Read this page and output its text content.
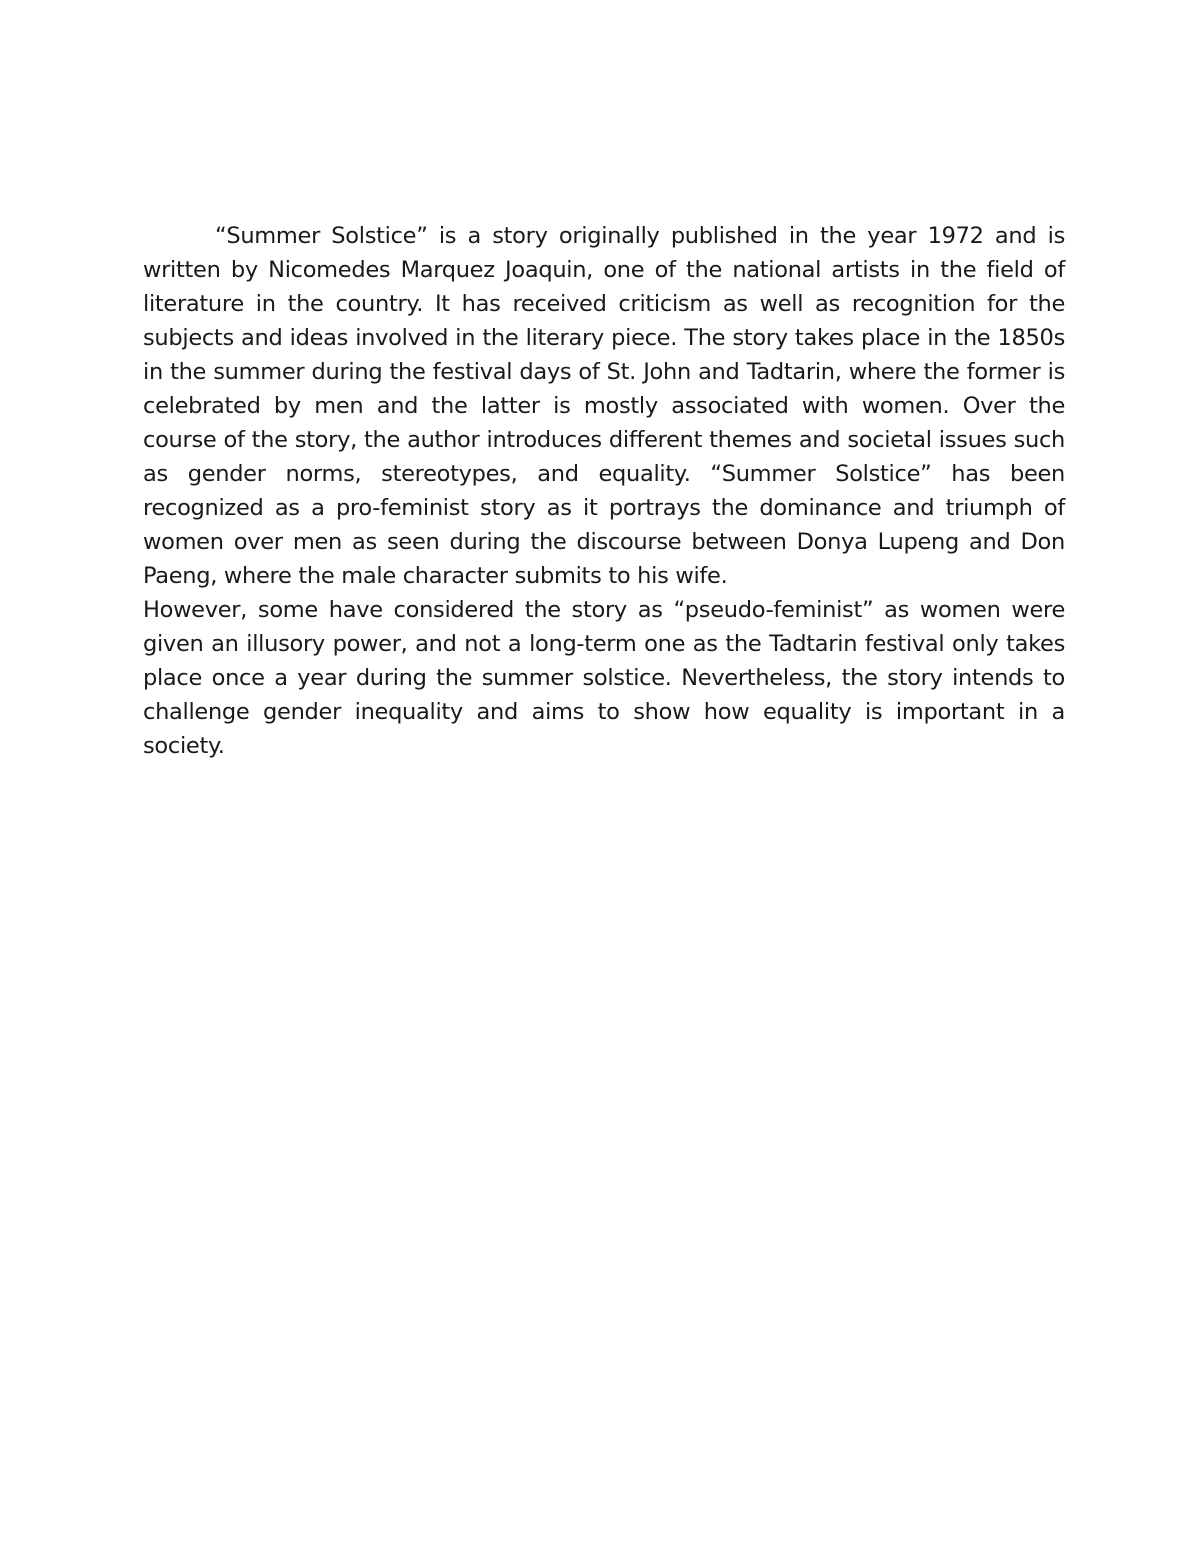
“Summer Solstice” is a story originally published in the year 1972 and is written by Nicomedes Marquez Joaquin, one of the national artists in the field of literature in the country. It has received criticism as well as recognition for the subjects and ideas involved in the literary piece. The story takes place in the 1850s in the summer during the festival days of St. John and Tadtarin, where the former is celebrated by men and the latter is mostly associated with women. Over the course of the story, the author introduces different themes and societal issues such as gender norms, stereotypes, and equality. “Summer Solstice” has been recognized as a pro-feminist story as it portrays the dominance and triumph of women over men as seen during the discourse between Donya Lupeng and Don Paeng, where the male character submits to his wife.

However, some have considered the story as “pseudo-feminist” as women were given an illusory power, and not a long-term one as the Tadtarin festival only takes place once a year during the summer solstice. Nevertheless, the story intends to challenge gender inequality and aims to show how equality is important in a society.
